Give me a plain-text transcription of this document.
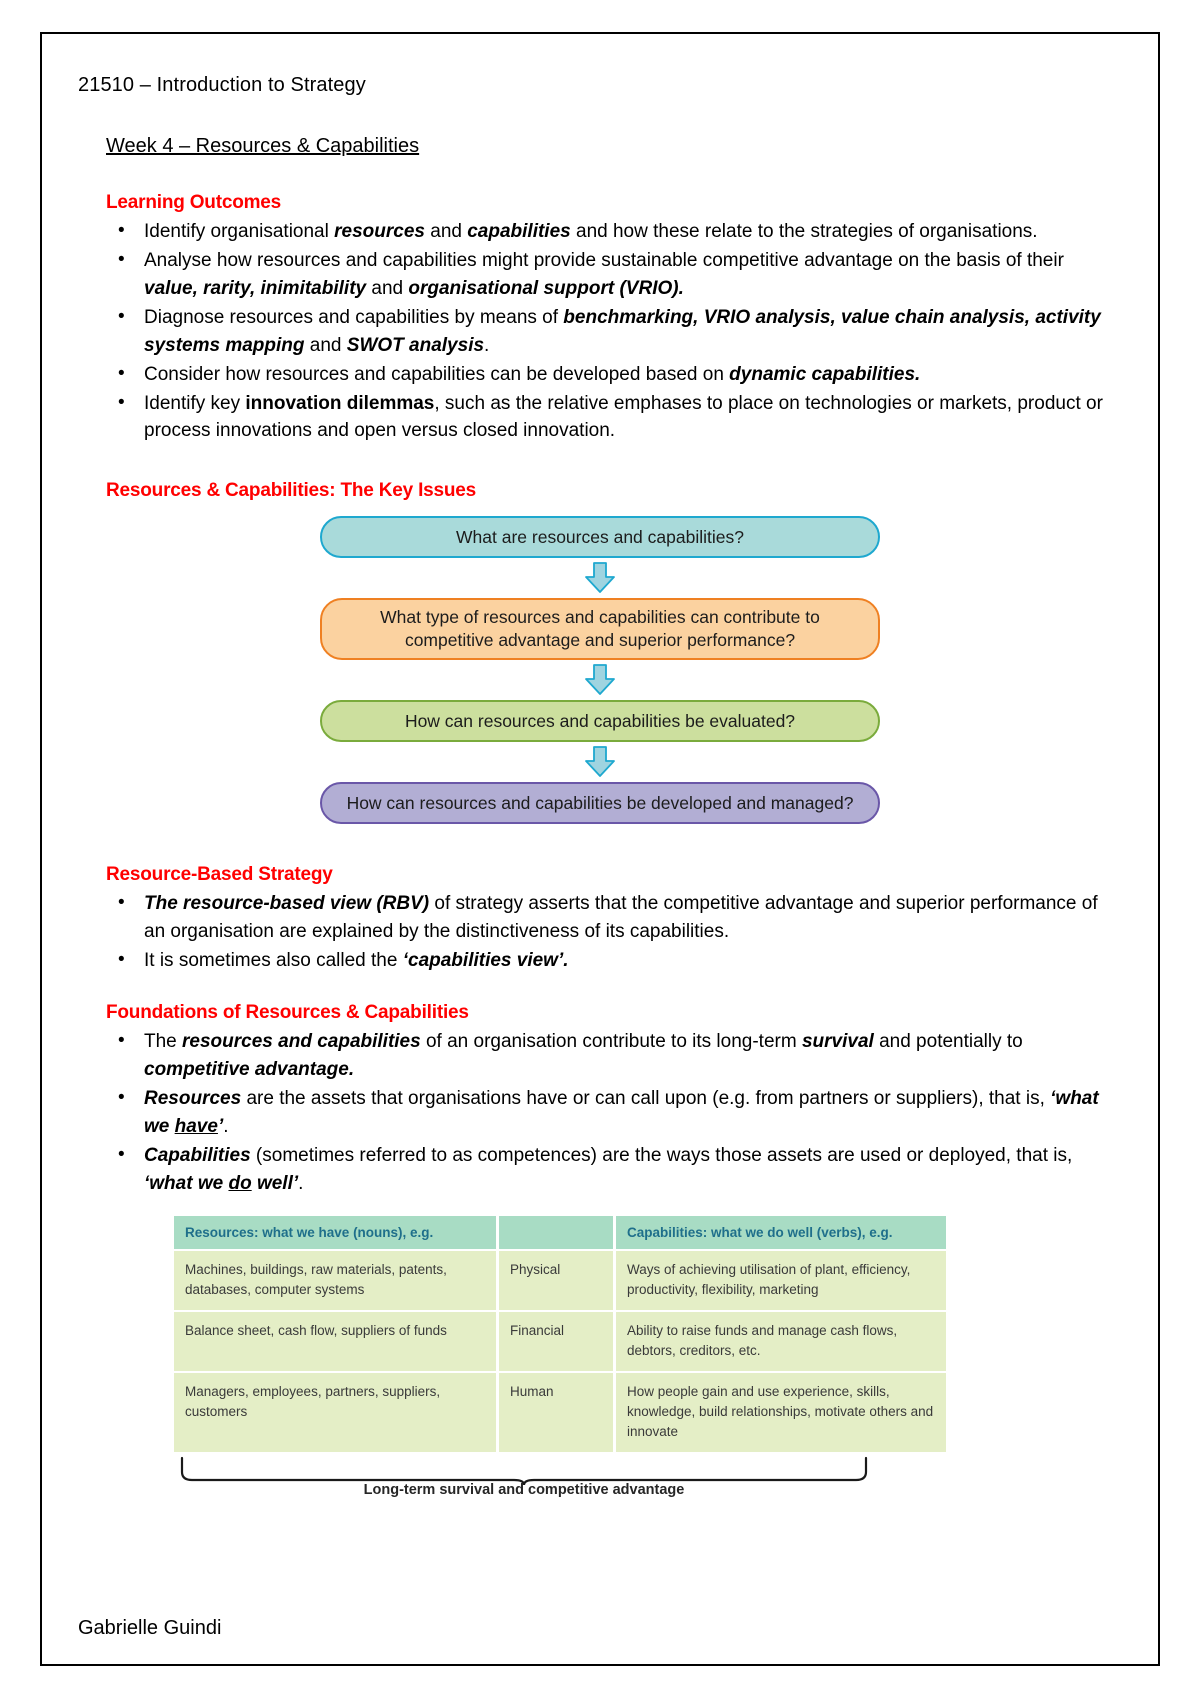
21510 – Introduction to Strategy
Week 4 – Resources & Capabilities
Learning Outcomes
• Identify organisational resources and capabilities and how these relate to the strategies of organisations.
• Analyse how resources and capabilities might provide sustainable competitive advantage on the basis of their value, rarity, inimitability and organisational support (VRIO).
• Diagnose resources and capabilities by means of benchmarking, VRIO analysis, value chain analysis, activity systems mapping and SWOT analysis.
• Consider how resources and capabilities can be developed based on dynamic capabilities.
• Identify key innovation dilemmas, such as the relative emphases to place on technologies or markets, product or process innovations and open versus closed innovation.
Resources & Capabilities: The Key Issues
What are resources and capabilities?
What type of resources and capabilities can contribute to competitive advantage and superior performance?
How can resources and capabilities be evaluated?
How can resources and capabilities be developed and managed?
Resource-Based Strategy
• The resource-based view (RBV) of strategy asserts that the competitive advantage and superior performance of an organisation are explained by the distinctiveness of its capabilities.
• It is sometimes also called the ‘capabilities view’.
Foundations of Resources & Capabilities
• The resources and capabilities of an organisation contribute to its long-term survival and potentially to competitive advantage.
• Resources are the assets that organisations have or can call upon (e.g. from partners or suppliers), that is, ‘what we have’.
• Capabilities (sometimes referred to as competences) are the ways those assets are used or deployed, that is, ‘what we do well’.
Resources: what we have (nouns), e.g.		Capabilities: what we do well (verbs), e.g.
Machines, buildings, raw materials, patents, databases, computer systems	Physical	Ways of achieving utilisation of plant, efficiency, productivity, flexibility, marketing
Balance sheet, cash flow, suppliers of funds	Financial	Ability to raise funds and manage cash flows, debtors, creditors, etc.
Managers, employees, partners, suppliers, customers	Human	How people gain and use experience, skills, knowledge, build relationships, motivate others and innovate
Long-term survival and competitive advantage
Gabrielle Guindi
